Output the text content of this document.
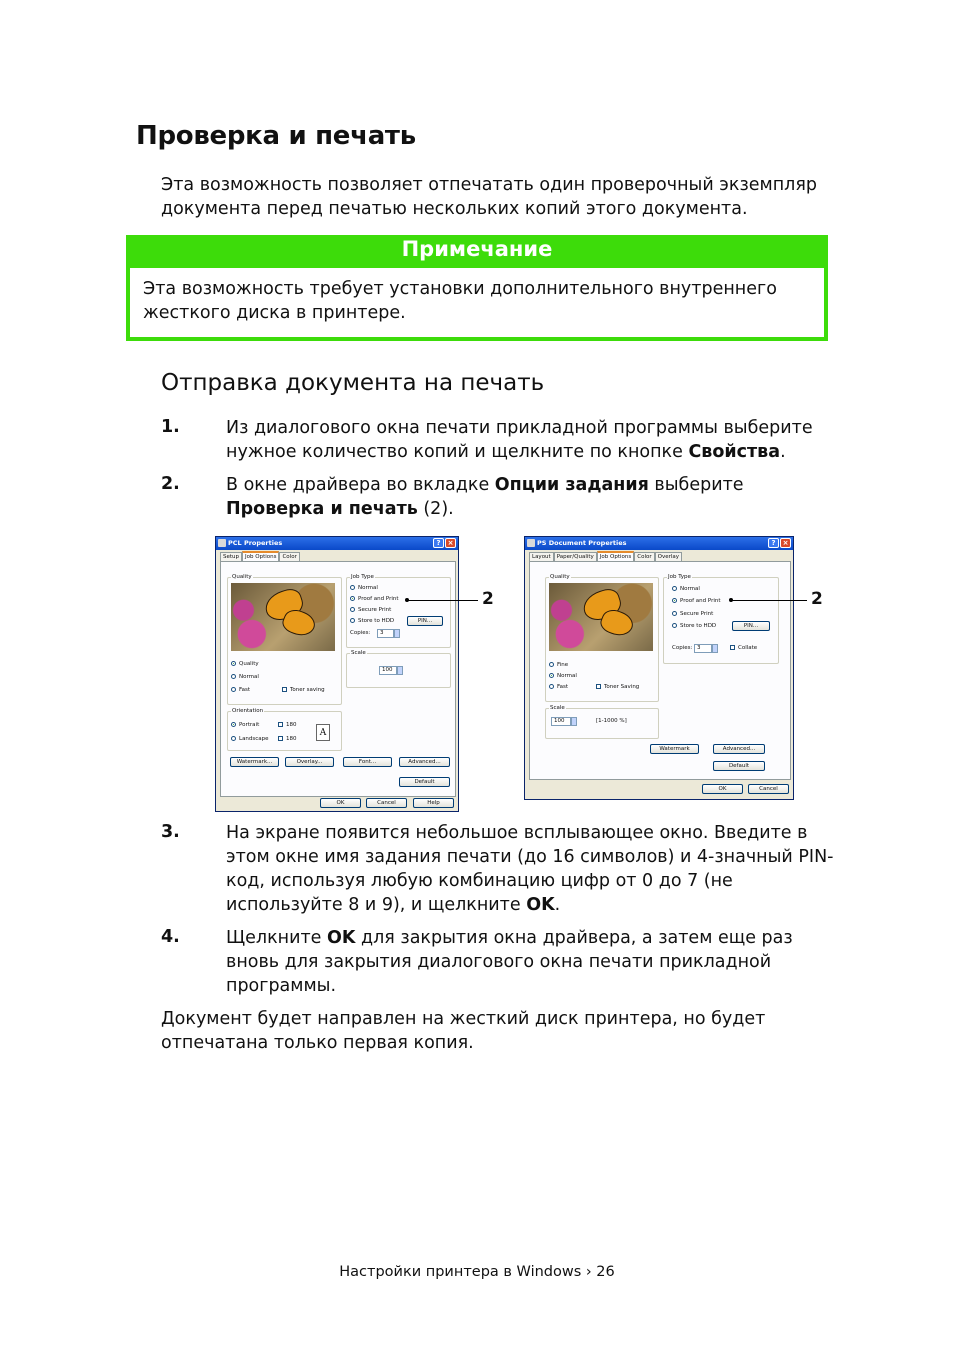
Проверка и печать
Эта возможность позволяет отпечатать один проверочный экземпляр документа перед печатью нескольких копий этого документа.
Примечание
Эта возможность требует установки дополнительного внутреннего жесткого диска в принтере.
Отправка документа на печать
1.	Из диалогового окна печати прикладной программы выберите нужное количество копий и щелкните по кнопке Свойства.
2.	В окне драйвера во вкладке Опции задания выберите Проверка и печать (2).
PCL Properties	?	×
Setup	Job Options	Color
Quality
Quality
Normal
Fast	Toner saving
Job Type
Normal
Proof and Print
Secure Print
Store to HDD	PIN...
Copies:	3
Scale
100
Orientation
Portrait
Landscape
180
180
A
Watermark...	Overlay...	Font...	Advanced...
Default
OK	Cancel	Help
2
PS Document Properties	?	×
Layout	Paper/Quality	Job Options	Color	Overlay
Quality
Fine
Normal
Fast	Toner Saving
Job Type
Normal
Proof and Print
Secure Print
Store to HDD	PIN...
Copies: 3	Collate
Scale
100	[1-1000 %]
Watermark	Advanced...
Default
OK	Cancel
2
3.	На экране появится небольшое всплывающее окно. Введите в этом окне имя задания печати (до 16 символов) и 4-значный PIN-код, используя любую комбинацию цифр от 0 до 7 (не используйте 8 и 9), и щелкните OK.
4.	Щелкните OK для закрытия окна драйвера, а затем еще раз вновь для закрытия диалогового окна печати прикладной программы.
Документ будет направлен на жесткий диск принтера, но будет отпечатана только первая копия.
Настройки принтера в Windows › 26
